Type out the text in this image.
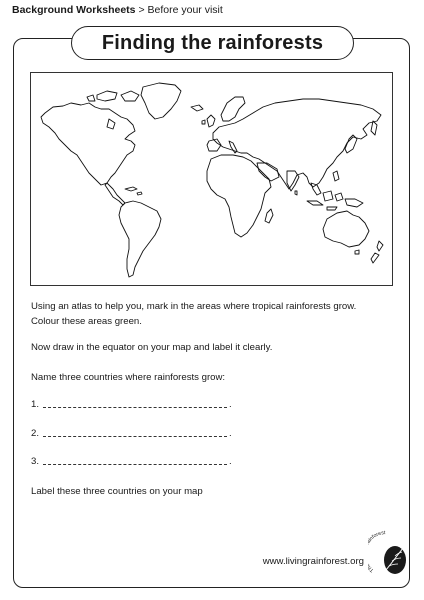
Background Worksheets > Before your visit
Finding the rainforests
Using an atlas to help you, mark in the areas where tropical rainforests grow.
Colour these areas green.
Now draw in the equator on your map and label it clearly.
Name three countries where rainforests grow:
1.	.
2.	.
3.	.
Label these three countries on your map
www.livingrainforest.org
T nforest
